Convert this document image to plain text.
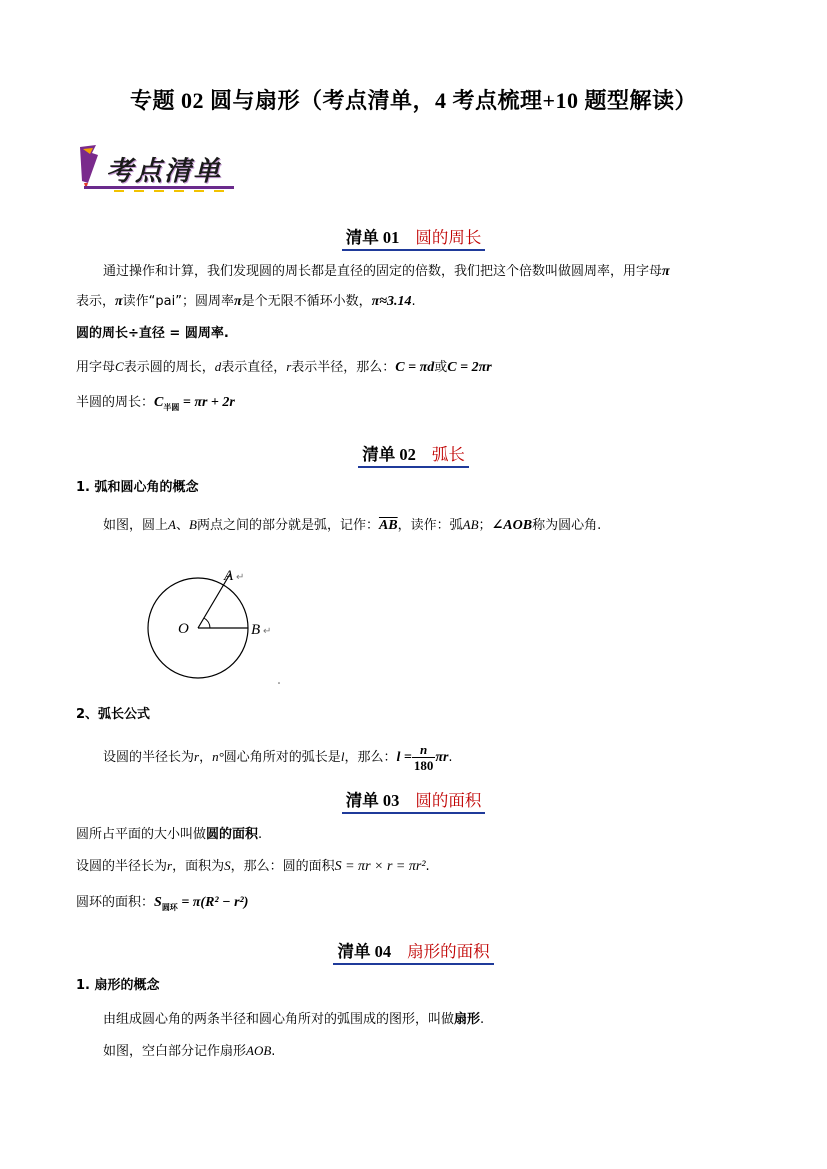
专题 02 圆与扇形（考点清单，4 考点梳理+10 题型解读）
考点清单
清单 01 圆的周长
通过操作和计算，我们发现圆的周长都是直径的固定的倍数，我们把这个倍数叫做圆周率，用字母π
表示，π读作“pai”；圆周率π是个无限不循环小数，π≈3.14.
圆的周长÷直径 = 圆周率.
用字母C表示圆的周长，d表示直径，r表示半径，那么：C = πd或C = 2πr
半圆的周长：$C_{半圆} = \pi r + 2r$
清单 02 弧长
1. 弧和圆心角的概念
如图，圆上A、B两点之间的部分就是弧，记作：$\overline{AB}$，读作：弧AB；∠AOB称为圆心角.
O
A ↵
B ↵
2、弧长公式
设圆的半径长为r，n°圆心角所对的弧长是l，那么：$l = \frac{n}{180} \pi r$.
清单 03 圆的面积
圆所占平面的大小叫做圆的面积.
设圆的半径长为r，面积为S，那么：圆的面积S = πr × r = πr².
圆环的面积：$S_{圆环} = \pi(R^2 - r^2)$
清单 04 扇形的面积
1. 扇形的概念
由组成圆心角的两条半径和圆心角所对的弧围成的图形，叫做扇形.
如图，空白部分记作扇形AOB.
